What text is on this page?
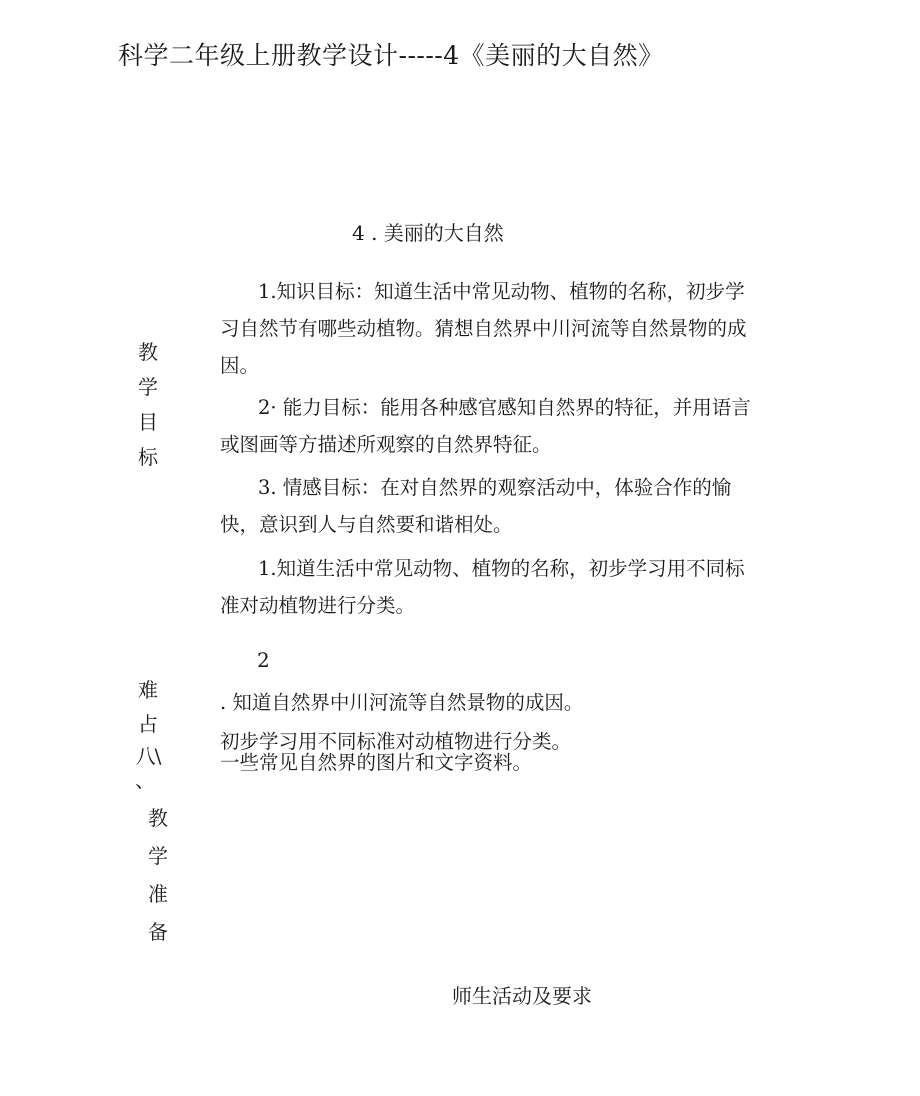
科学二年级上册教学设计-----4《美丽的大自然》
4 . 美丽的大自然
教
学
目
标
1.知识目标：知道生活中常见动物、植物的名称，初步学
习自然节有哪些动植物。猜想自然界中川河流等自然景物的成
因。
2· 能力目标：能用各种感官感知自然界的特征，并用语言
或图画等方描述所观察的自然界特征。
3. 情感目标：在对自然界的观察活动中，体验合作的愉
快，意识到人与自然要和谐相处。
1.知道生活中常见动物、植物的名称，初步学习用不同标
准对动植物进行分类。
2
. 知道自然界中川河流等自然景物的成因。
初步学习用不同标准对动植物进行分类。
难
占
八\
、
一些常见自然界的图片和文字资料。
教
学
准
备
师生活动及要求
